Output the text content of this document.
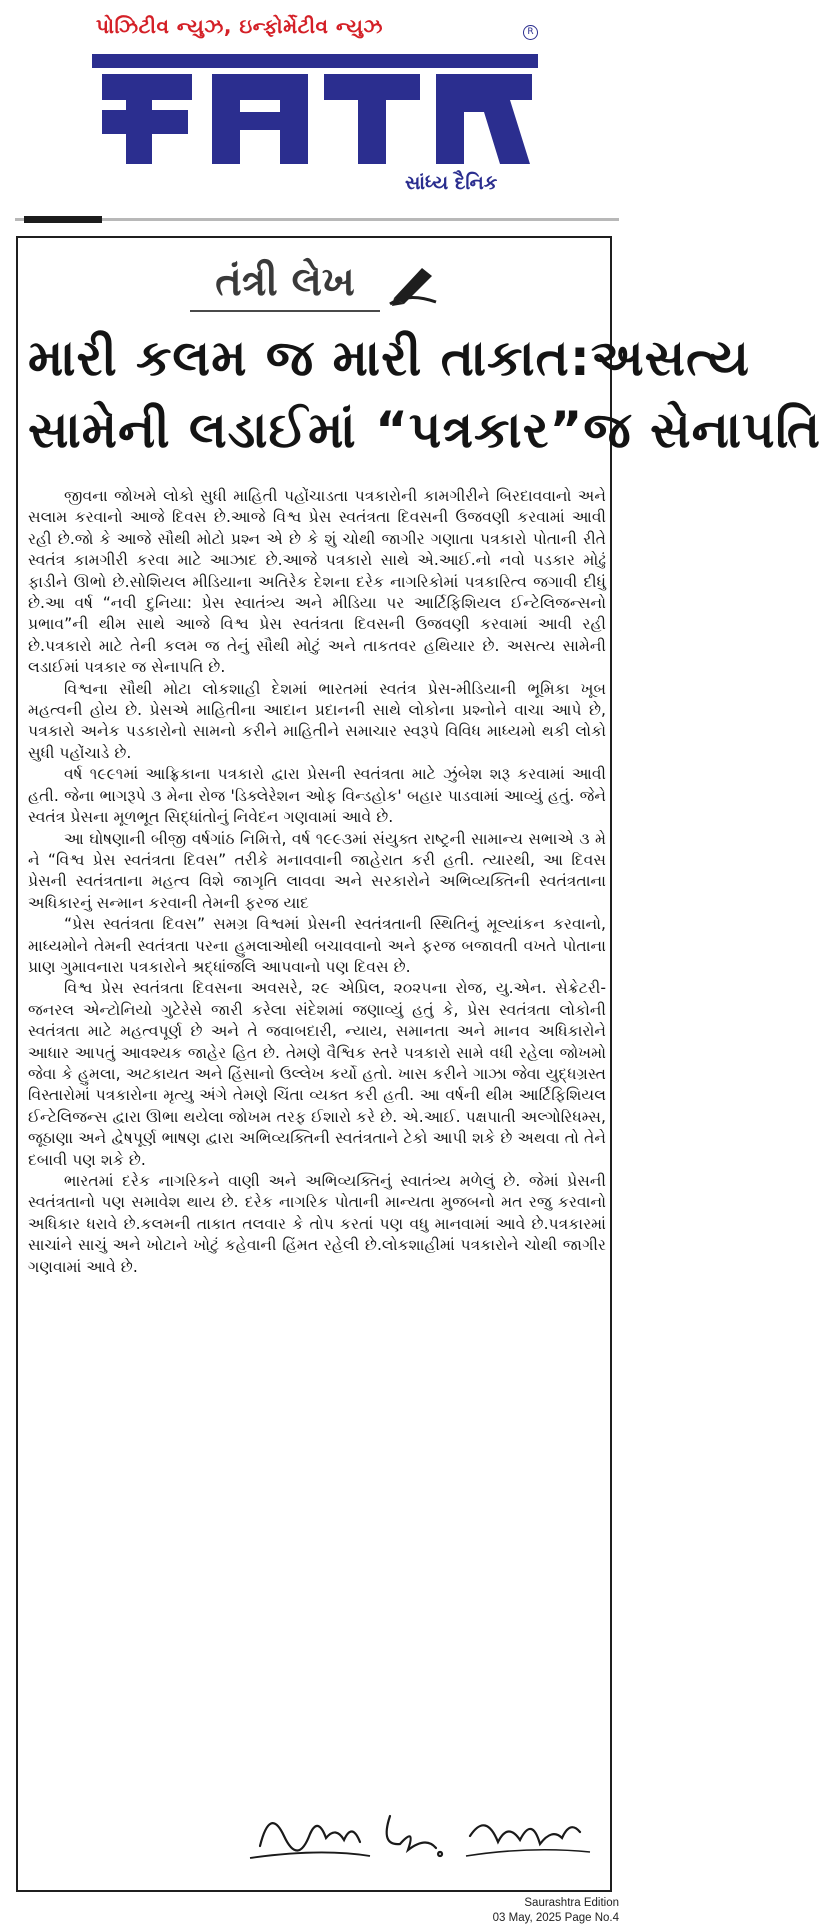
પોઝિટીવ ન્યુઝ, ઇન્ફોર્મેટીવ ન્યુઝ	R
સાંધ્ય દૈનિક
તંત્રી લેખ
મારી કલમ જ મારી તાકાત:અસત્ય
સામેની લડાઈમાં “પત્રકાર”જ સેનાપતિ

જીવના જોખમે લોકો સુધી માહિતી પહોંચાડતા પત્રકારોની કામગીરીને બિરદાવવાનો અને સલામ કરવાનો આજે દિવસ છે.આજે વિશ્વ પ્રેસ સ્વતંત્રતા દિવસની ઉજવણી કરવામાં આવી રહી છે.જો કે આજે સૌથી મોટો પ્રશ્ન એ છે કે શું ચોથી જાગીર ગણાતા પત્રકારો પોતાની રીતે સ્વતંત્ર કામગીરી કરવા માટે આઝાદ છે.આજે પત્રકારો સાથે એ.આઈ.નો નવો પડકાર મોઢું ફાડીને ઊભો છે.સોશિયલ મીડિયાના અતિરેક દેશના દરેક નાગરિકોમાં પત્રકારિત્વ જગાવી દીધું છે.આ વર્ષ “નવી દુનિયા: પ્રેસ સ્વાતંત્ર્ય અને મીડિયા પર આર્ટિફિશિયલ ઈન્ટેલિજન્સનો પ્રભાવ”ની થીમ સાથે આજે વિશ્વ પ્રેસ સ્વતંત્રતા દિવસની ઉજવણી કરવામાં આવી રહી છે.પત્રકારો માટે તેની કલમ જ તેનું સૌથી મોટું અને તાકતવર હથિયાર છે. અસત્ય સામેની લડાઈમાં પત્રકાર જ સેનાપતિ છે.

વિશ્વના સૌથી મોટા લોકશાહી દેશમાં ભારતમાં સ્વતંત્ર પ્રેસ-મીડિયાની ભૂમિકા ખૂબ મહત્વની હોય છે. પ્રેસએ માહિતીના આદાન પ્રદાનની સાથે લોકોના પ્રશ્નોને વાચા આપે છે, પત્રકારો અનેક પડકારોનો સામનો કરીને માહિતીને સમાચાર સ્વરૂપે વિવિધ માધ્યમો થકી લોકો સુધી પહોંચાડે છે.

વર્ષ ૧૯૯૧માં આફ્રિકાના પત્રકારો દ્વારા પ્રેસની સ્વતંત્રતા માટે ઝુંબેશ શરૂ કરવામાં આવી હતી. જેના ભાગરૂપે ૩ મેના રોજ 'ડિક્લેરેશન ઓફ વિન્ડહોક' બહાર પાડવામાં આવ્યું હતું. જેને સ્વતંત્ર પ્રેસના મૂળભૂત સિદ્ધાંતોનું નિવેદન ગણવામાં આવે છે.

આ ઘોષણાની બીજી વર્ષગાંઠ નિમિત્તે, વર્ષ ૧૯૯૩માં સંયુક્ત રાષ્ટ્રની સામાન્ય સભાએ ૩ મે ને “વિશ્વ પ્રેસ સ્વતંત્રતા દિવસ” તરીકે મનાવવાની જાહેરાત કરી હતી. ત્યારથી, આ દિવસ પ્રેસની સ્વતંત્રતાના મહત્વ વિશે જાગૃતિ લાવવા અને સરકારોને અભિવ્યક્તિની સ્વતંત્રતાના અધિકારનું સન્માન કરવાની તેમની ફરજ યાદ

“પ્રેસ સ્વતંત્રતા દિવસ” સમગ્ર વિશ્વમાં પ્રેસની સ્વતંત્રતાની સ્થિતિનું મૂલ્યાંકન કરવાનો, માધ્યમોને તેમની સ્વતંત્રતા પરના હુમલાઓથી બચાવવાનો અને ફરજ બજાવતી વખતે પોતાના પ્રાણ ગુમાવનારા પત્રકારોને શ્રદ્ધાંજલિ આપવાનો પણ દિવસ છે.

વિશ્વ પ્રેસ સ્વતંત્રતા દિવસના અવસરે, ૨૯ એપ્રિલ, ૨૦૨૫ના રોજ, યુ.એન. સેક્રેટરી-જનરલ એન્ટોનિયો ગુટેરેસે જારી કરેલા સંદેશમાં જણાવ્યું હતું કે, પ્રેસ સ્વતંત્રતા લોકોની સ્વતંત્રતા માટે મહત્વપૂર્ણ છે અને તે જવાબદારી, ન્યાય, સમાનતા અને માનવ અધિકારોને આધાર આપતું આવશ્યક જાહેર હિત છે. તેમણે વૈશ્વિક સ્તરે પત્રકારો સામે વધી રહેલા જોખમો જેવા કે હુમલા, અટકાયત અને હિંસાનો ઉલ્લેખ કર્યો હતો. ખાસ કરીને ગાઝા જેવા યુદ્ધગ્રસ્ત વિસ્તારોમાં પત્રકારોના મૃત્યુ અંગે તેમણે ચિંતા વ્યક્ત કરી હતી. આ વર્ષની થીમ આર્ટિફિશિયલ ઈન્ટેલિજન્સ દ્વારા ઊભા થયેલા જોખમ તરફ ઈશારો કરે છે. એ.આઈ. પક્ષપાતી અલ્ગોરિધમ્સ, જૂઠાણા અને દ્વેષપૂર્ણ ભાષણ દ્વારા અભિવ્યક્તિની સ્વતંત્રતાને ટેકો આપી શકે છે અથવા તો તેને દબાવી પણ શકે છે.

ભારતમાં દરેક નાગરિકને વાણી અને અભિવ્યક્તિનું સ્વાતંત્ર્ય મળેલું છે. જેમાં પ્રેસની સ્વતંત્રતાનો પણ સમાવેશ થાય છે. દરેક નાગરિક પોતાની માન્યતા મુજબનો મત રજુ કરવાનો અધિકાર ધરાવે છે.કલમની તાકાત તલવાર કે તોપ કરતાં પણ વધુ માનવામાં આવે છે.પત્રકારમાં સાચાંને સાચું અને ખોટાને ખોટું કહેવાની હિંમત રહેલી છે.લોકશાહીમાં પત્રકારોને ચોથી જાગીર ગણવામાં આવે છે.

Saurashtra Edition
03 May, 2025 Page No.4
